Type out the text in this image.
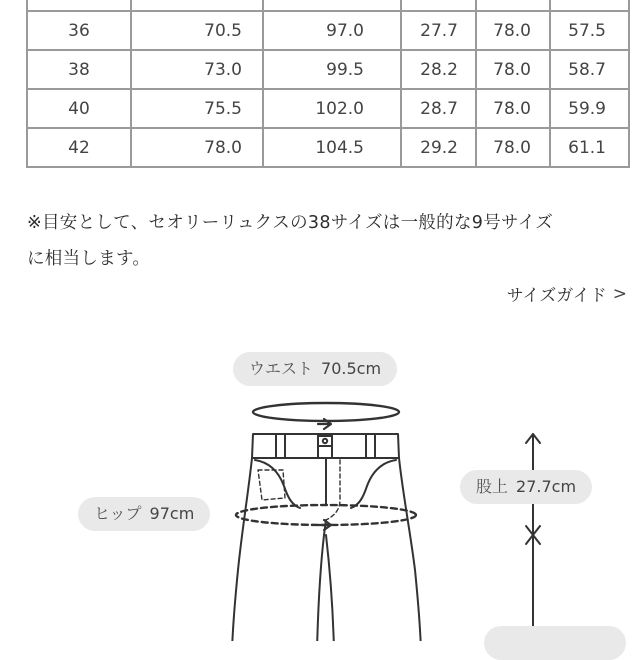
36	70.5	97.0	27.7	78.0	57.5
38	73.0	99.5	28.2	78.0	58.7
40	75.5	102.0	28.7	78.0	59.9
42	78.0	104.5	29.2	78.0	61.1
※目安として、セオリーリュクスの38サイズは一般的な9号サイズ
に相当します。
サイズガイド >
ウエスト 70.5cm
ヒップ 97cm
股上 27.7cm
